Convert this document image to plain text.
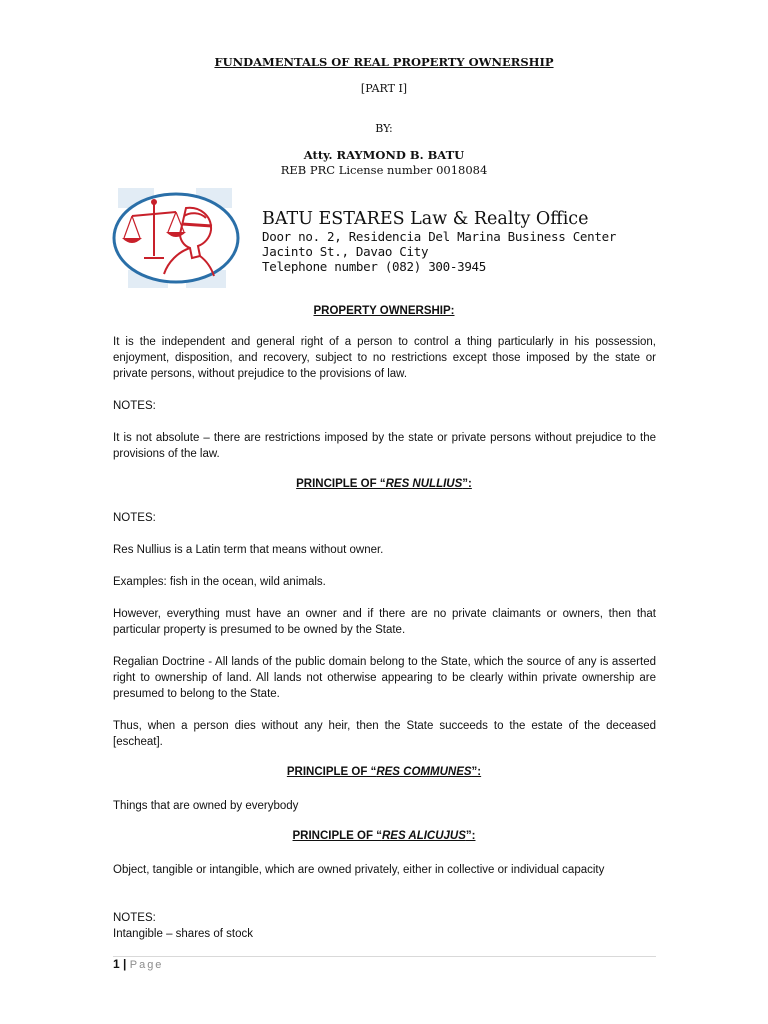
FUNDAMENTALS OF REAL PROPERTY OWNERSHIP
[PART I]
BY:
Atty. RAYMOND B. BATU
REB PRC License number 0018084
BATU ESTARES Law & Realty Office
Door no. 2, Residencia Del Marina Business Center
Jacinto St., Davao City
Telephone number (082) 300-3945
PROPERTY OWNERSHIP:
It is the independent and general right of a person to control a thing particularly in his possession, enjoyment, disposition, and recovery, subject to no restrictions except those imposed by the state or private persons, without prejudice to the provisions of law.
NOTES:
It is not absolute – there are restrictions imposed by the state or private persons without prejudice to the provisions of the law.
PRINCIPLE OF “RES NULLIUS”:
NOTES:
Res Nullius is a Latin term that means without owner.
Examples: fish in the ocean, wild animals.
However, everything must have an owner and if there are no private claimants or owners, then that particular property is presumed to be owned by the State.
Regalian Doctrine - All lands of the public domain belong to the State, which the source of any is asserted right to ownership of land. All lands not otherwise appearing to be clearly within private ownership are presumed to belong to the State.
Thus, when a person dies without any heir, then the State succeeds to the estate of the deceased [escheat].
PRINCIPLE OF “RES COMMUNES”:
Things that are owned by everybody
PRINCIPLE OF “RES ALICUJUS”:
Object, tangible or intangible, which are owned privately, either in collective or individual capacity
NOTES:
Intangible – shares of stock
1 | Page
